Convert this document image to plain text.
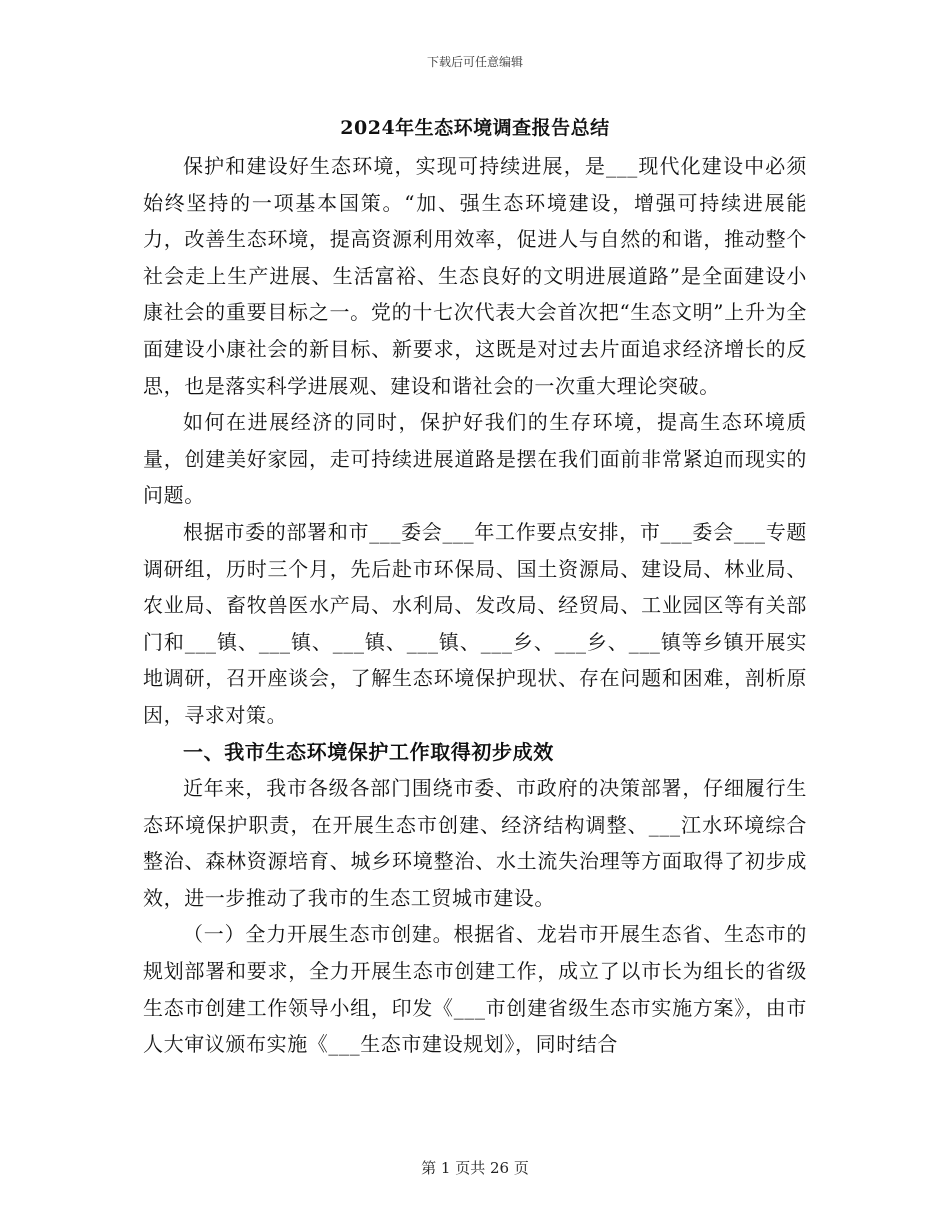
下载后可任意编辑
2024年生态环境调查报告总结

保护和建设好生态环境，实现可持续进展，是___现代化建设中必须始终坚持的一项基本国策。“加、强生态环境建设，增强可持续进展能力，改善生态环境，提高资源利用效率，促进人与自然的和谐，推动整个社会走上生产进展、生活富裕、生态良好的文明进展道路”是全面建设小康社会的重要目标之一。党的十七次代表大会首次把“生态文明”上升为全面建设小康社会的新目标、新要求，这既是对过去片面追求经济增长的反思，也是落实科学进展观、建设和谐社会的一次重大理论突破。

如何在进展经济的同时，保护好我们的生存环境，提高生态环境质量，创建美好家园，走可持续进展道路是摆在我们面前非常紧迫而现实的问题。

根据市委的部署和市___委会___年工作要点安排，市___委会___专题调研组，历时三个月，先后赴市环保局、国土资源局、建设局、林业局、农业局、畜牧兽医水产局、水利局、发改局、经贸局、工业园区等有关部门和___镇、___镇、___镇、___镇、___乡、___乡、___镇等乡镇开展实地调研，召开座谈会，了解生态环境保护现状、存在问题和困难，剖析原因，寻求对策。

一、我市生态环境保护工作取得初步成效

近年来，我市各级各部门围绕市委、市政府的决策部署，仔细履行生态环境保护职责，在开展生态市创建、经济结构调整、___江水环境综合整治、森林资源培育、城乡环境整治、水土流失治理等方面取得了初步成效，进一步推动了我市的生态工贸城市建设。

（一）全力开展生态市创建。根据省、龙岩市开展生态省、生态市的规划部署和要求，全力开展生态市创建工作，成立了以市长为组长的省级生态市创建工作领导小组，印发《___市创建省级生态市实施方案》，由市人大审议颁布实施《___生态市建设规划》，同时结合

第 1 页共 26 页
